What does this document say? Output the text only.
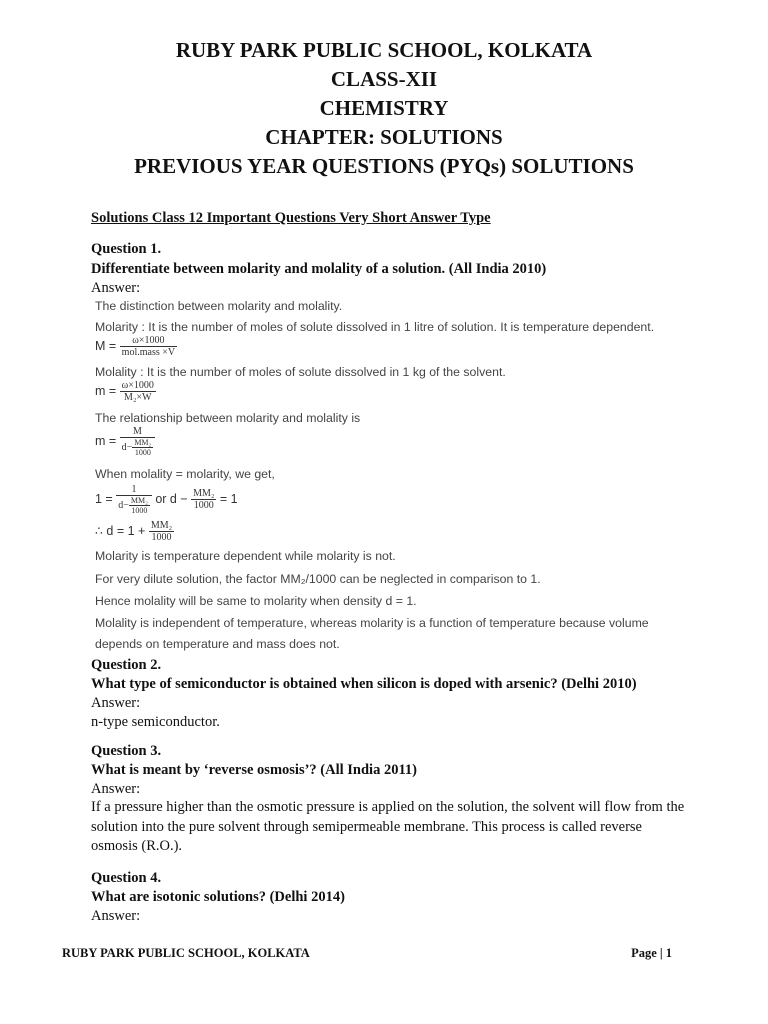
RUBY PARK PUBLIC SCHOOL, KOLKATA
CLASS-XII
CHEMISTRY
CHAPTER: SOLUTIONS
PREVIOUS YEAR QUESTIONS (PYQs) SOLUTIONS
Solutions Class 12 Important Questions Very Short Answer Type
Question 1.
Differentiate between molarity and molality of a solution. (All India 2010)
Answer:
The distinction between molarity and molality.
Molarity : It is the number of moles of solute dissolved in 1 litre of solution. It is temperature dependent.
$M = \frac{\omega\times 1000}{\text{mol.mass ×V}}$
Molality : It is the number of moles of solute dissolved in 1 kg of the solvent.
$m = \frac{\omega\times 1000}{\text{M₂×W}}$
The relationship between molarity and molality is
$m = \frac{M}{d- \frac{\text{MM₂}}{1000}}$
When molality = molarity, we get,
$1 = \frac{1}{d- \frac{\text{MM₂}}{1000}}$ or $d - \frac{\text{MM₂}}{1000} = 1$
∴ $d = 1 + \frac{\text{MM₂}}{1000}$
Molarity is temperature dependent while molarity is not.
For very dilute solution, the factor MM₂/1000 can be neglected in comparison to 1.
Hence molality will be same to molarity when density d = 1.
Molality is independent of temperature, whereas molarity is a function of temperature because volume
depends on temperature and mass does not.
Question 2.
What type of semiconductor is obtained when silicon is doped with arsenic? (Delhi 2010)
Answer:
n-type semiconductor.
Question 3.
What is meant by ‘reverse osmosis’? (All India 2011)
Answer:
If a pressure higher than the osmotic pressure is applied on the solution, the solvent will flow from the solution into the pure solvent through semipermeable membrane. This process is called reverse osmosis (R.O.).
Question 4.
What are isotonic solutions? (Delhi 2014)
Answer:
RUBY PARK PUBLIC SCHOOL, KOLKATA	Page | 1
